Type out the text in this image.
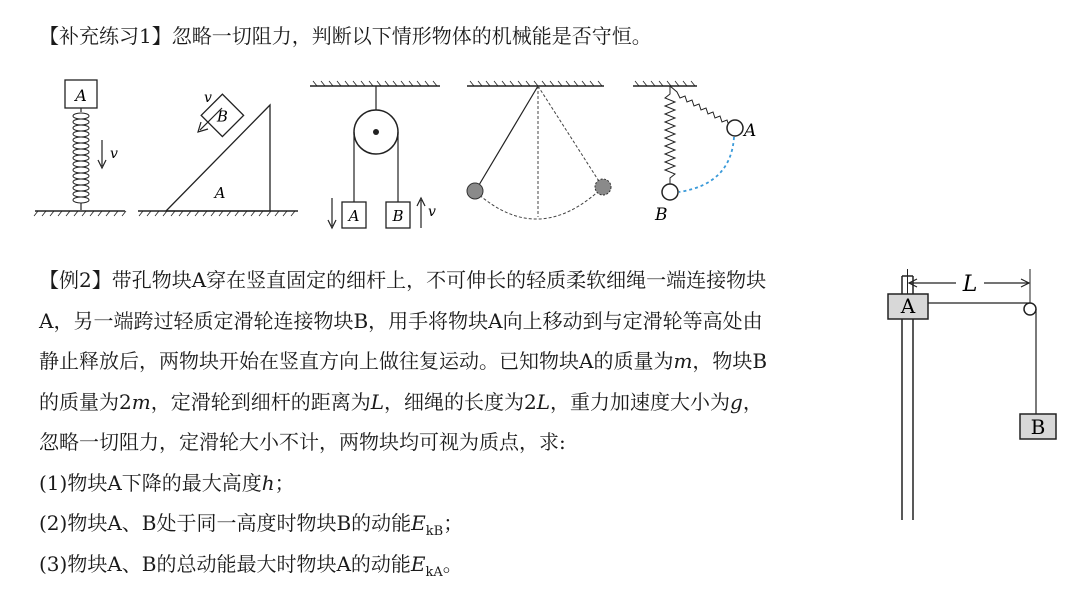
【补充练习1】忽略一切阻力，判断以下情形物体的机械能是否守恒。
A
v
A
B
v
A B v
A
B
【例2】带孔物块A穿在竖直固定的细杆上，不可伸长的轻质柔软细绳一端连接物块
A，另一端跨过轻质定滑轮连接物块B，用手将物块A向上移动到与定滑轮等高处由
静止释放后，两物块开始在竖直方向上做往复运动。已知物块A的质量为m，物块B
的质量为2m，定滑轮到细杆的距离为L，细绳的长度为2L，重力加速度大小为g，
忽略一切阻力，定滑轮大小不计，两物块均可视为质点，求:
(1)物块A下降的最大高度h；
(2)物块A、B处于同一高度时物块B的动能$E_{kB}$；
(3)物块A、B的总动能最大时物块A的动能$E_{kA}$。
L
A
B
